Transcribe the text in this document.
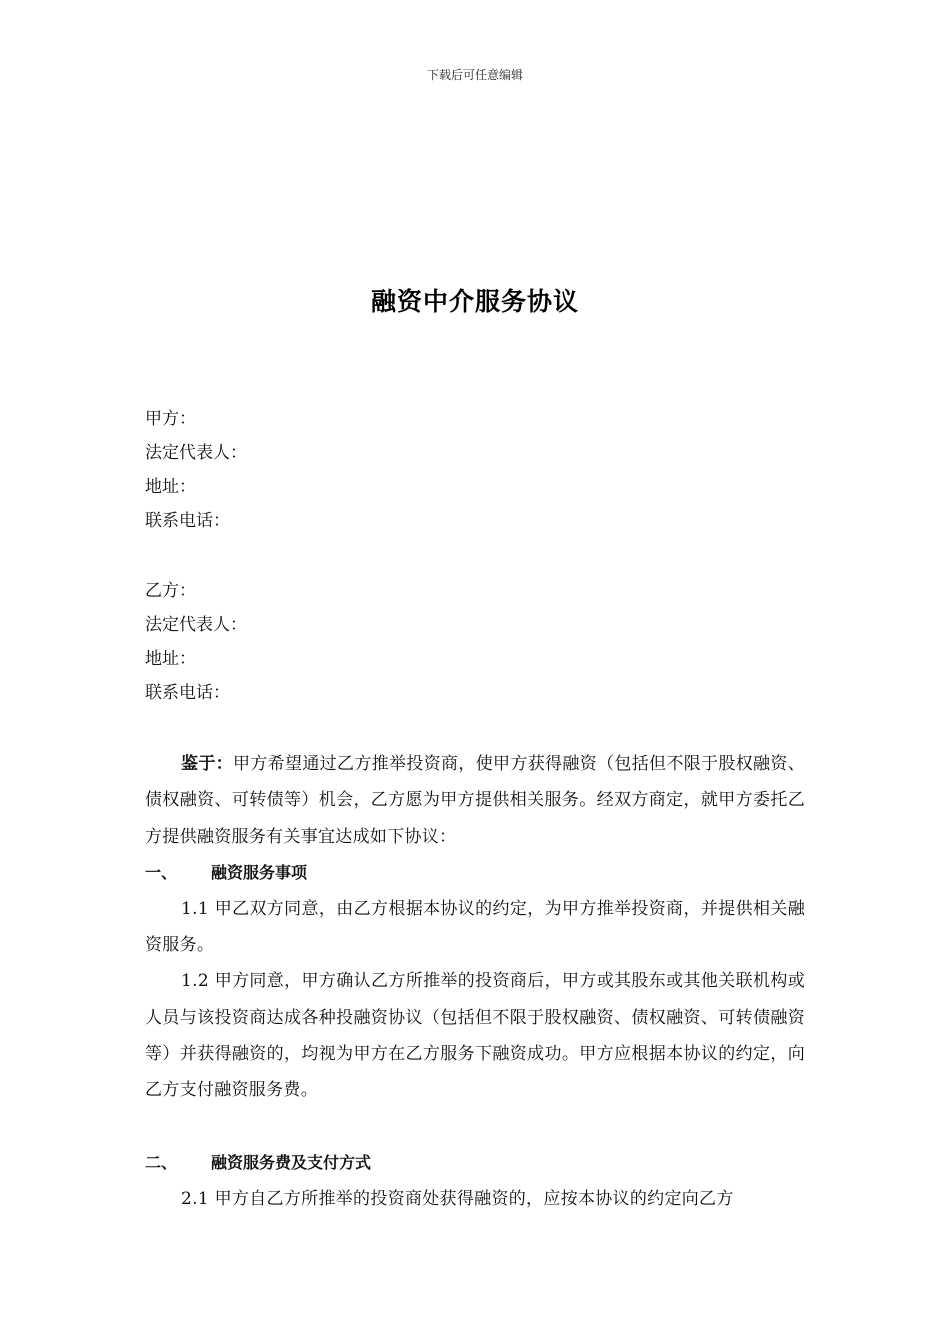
下载后可任意编辑
融资中介服务协议
甲方：
法定代表人：
地址：
联系电话：
乙方：
法定代表人：
地址：
联系电话：

鉴于：甲方希望通过乙方推举投资商，使甲方获得融资（包括但不限于股权融资、债权融资、可转债等）机会，乙方愿为甲方提供相关服务。经双方商定，就甲方委托乙方提供融资服务有关事宜达成如下协议：

一、 融资服务事项

1.1 甲乙双方同意，由乙方根据本协议的约定，为甲方推举投资商，并提供相关融资服务。

1.2 甲方同意，甲方确认乙方所推举的投资商后，甲方或其股东或其他关联机构或人员与该投资商达成各种投融资协议（包括但不限于股权融资、债权融资、可转债融资等）并获得融资的，均视为甲方在乙方服务下融资成功。甲方应根据本协议的约定，向乙方支付融资服务费。

二、 融资服务费及支付方式

2.1 甲方自乙方所推举的投资商处获得融资的，应按本协议的约定向乙方
